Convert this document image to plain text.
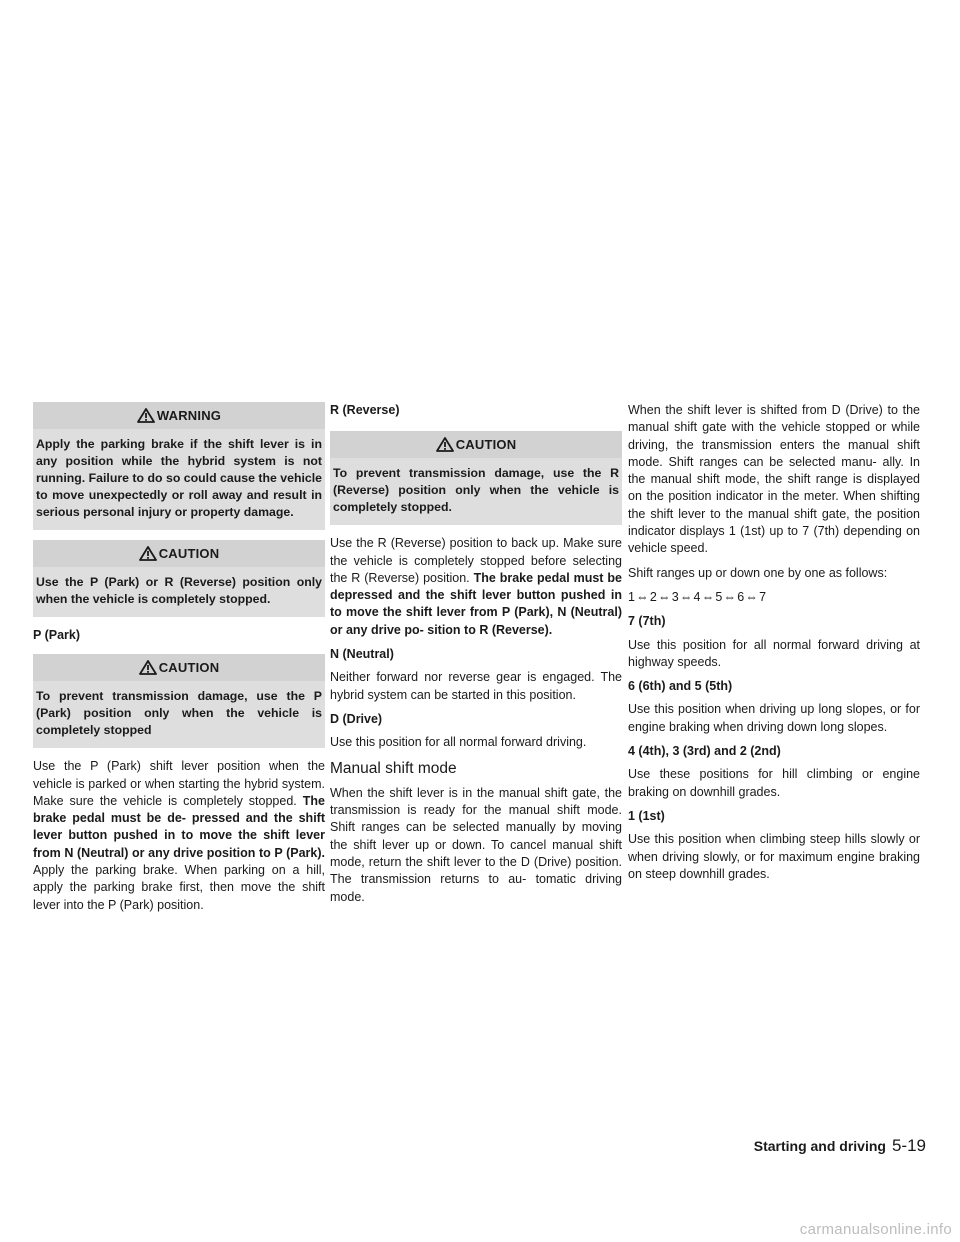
WARNING
Apply the parking brake if the shift lever is in any position while the hybrid system is not running. Failure to do so could cause the vehicle to move unexpectedly or roll away and result in serious personal injury or property damage.
CAUTION
Use the P (Park) or R (Reverse) position only when the vehicle is completely stopped.

P (Park)

CAUTION
To prevent transmission damage, use the P (Park) position only when the vehicle is completely stopped

Use the P (Park) shift lever position when the vehicle is parked or when starting the hybrid system. Make sure the vehicle is completely stopped. The brake pedal must be de- pressed and the shift lever button pushed in to move the shift lever from N (Neutral) or any drive position to P (Park). Apply the parking brake. When parking on a hill, apply the parking brake first, then move the shift lever into the P (Park) position.

R (Reverse)

CAUTION
To prevent transmission damage, use the R (Reverse) position only when the vehicle is completely stopped.

Use the R (Reverse) position to back up. Make sure the vehicle is completely stopped before selecting the R (Reverse) position. The brake pedal must be depressed and the shift lever button pushed in to move the shift lever from P (Park), N (Neutral) or any drive po- sition to R (Reverse).

N (Neutral)

Neither forward nor reverse gear is engaged. The hybrid system can be started in this position.

D (Drive)

Use this position for all normal forward driving.

Manual shift mode

When the shift lever is in the manual shift gate, the transmission is ready for the manual shift mode. Shift ranges can be selected manually by moving the shift lever up or down. To cancel manual shift mode, return the shift lever to the D (Drive) position. The transmission returns to au- tomatic driving mode.

When the shift lever is shifted from D (Drive) to the manual shift gate with the vehicle stopped or while driving, the transmission enters the manual shift mode. Shift ranges can be selected manu- ally. In the manual shift mode, the shift range is displayed on the position indicator in the meter. When shifting the shift lever to the manual shift gate, the position indicator displays 1 (1st) up to 7 (7th) depending on vehicle speed.

Shift ranges up or down one by one as follows:

1⇔2⇔3⇔4⇔5⇔6⇔7

7 (7th)

Use this position for all normal forward driving at highway speeds.

6 (6th) and 5 (5th)

Use this position when driving up long slopes, or for engine braking when driving down long slopes.

4 (4th), 3 (3rd) and 2 (2nd)

Use these positions for hill climbing or engine braking on downhill grades.

1 (1st)

Use this position when climbing steep hills slowly or when driving slowly, or for maximum engine braking on steep downhill grades.

Starting and driving 5-19
carmanualsonline.info
